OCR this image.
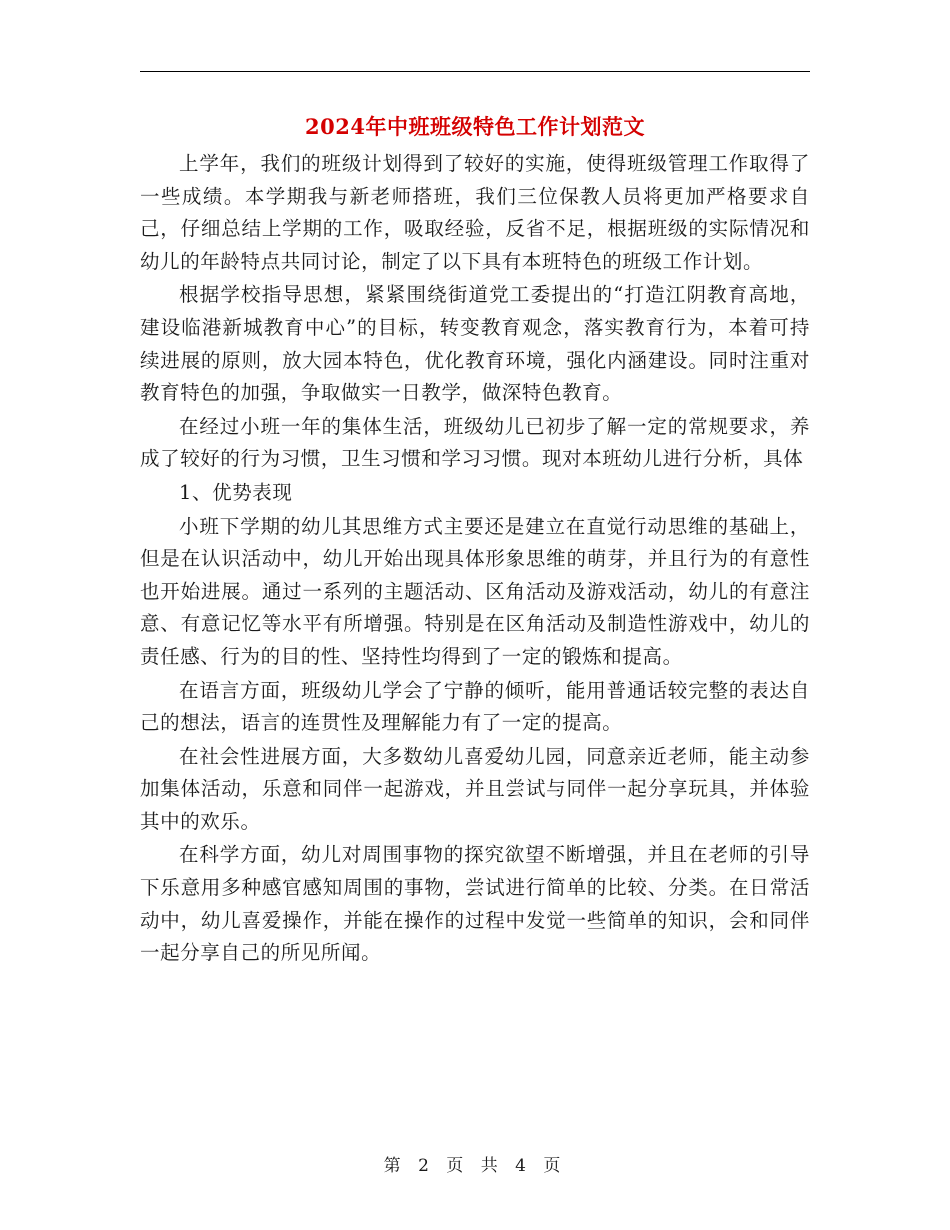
2024年中班班级特色工作计划范文

上学年，我们的班级计划得到了较好的实施，使得班级管理工作取得了一些成绩。本学期我与新老师搭班，我们三位保教人员将更加严格要求自己，仔细总结上学期的工作，吸取经验，反省不足，根据班级的实际情况和幼儿的年龄特点共同讨论，制定了以下具有本班特色的班级工作计划。

根据学校指导思想，紧紧围绕街道党工委提出的“打造江阴教育高地，建设临港新城教育中心”的目标，转变教育观念，落实教育行为，本着可持续进展的原则，放大园本特色，优化教育环境，强化内涵建设。同时注重对教育特色的加强，争取做实一日教学，做深特色教育。

在经过小班一年的集体生活，班级幼儿已初步了解一定的常规要求，养成了较好的行为习惯，卫生习惯和学习习惯。现对本班幼儿进行分析，具体

1、优势表现

小班下学期的幼儿其思维方式主要还是建立在直觉行动思维的基础上，但是在认识活动中，幼儿开始出现具体形象思维的萌芽，并且行为的有意性也开始进展。通过一系列的主题活动、区角活动及游戏活动，幼儿的有意注意、有意记忆等水平有所增强。特别是在区角活动及制造性游戏中，幼儿的责任感、行为的目的性、坚持性均得到了一定的锻炼和提高。

在语言方面，班级幼儿学会了宁静的倾听，能用普通话较完整的表达自己的想法，语言的连贯性及理解能力有了一定的提高。

在社会性进展方面，大多数幼儿喜爱幼儿园，同意亲近老师，能主动参加集体活动，乐意和同伴一起游戏，并且尝试与同伴一起分享玩具，并体验其中的欢乐。

在科学方面，幼儿对周围事物的探究欲望不断增强，并且在老师的引导下乐意用多种感官感知周围的事物，尝试进行简单的比较、分类。在日常活动中，幼儿喜爱操作，并能在操作的过程中发觉一些简单的知识，会和同伴一起分享自己的所见所闻。

第 2 页 共 4 页
